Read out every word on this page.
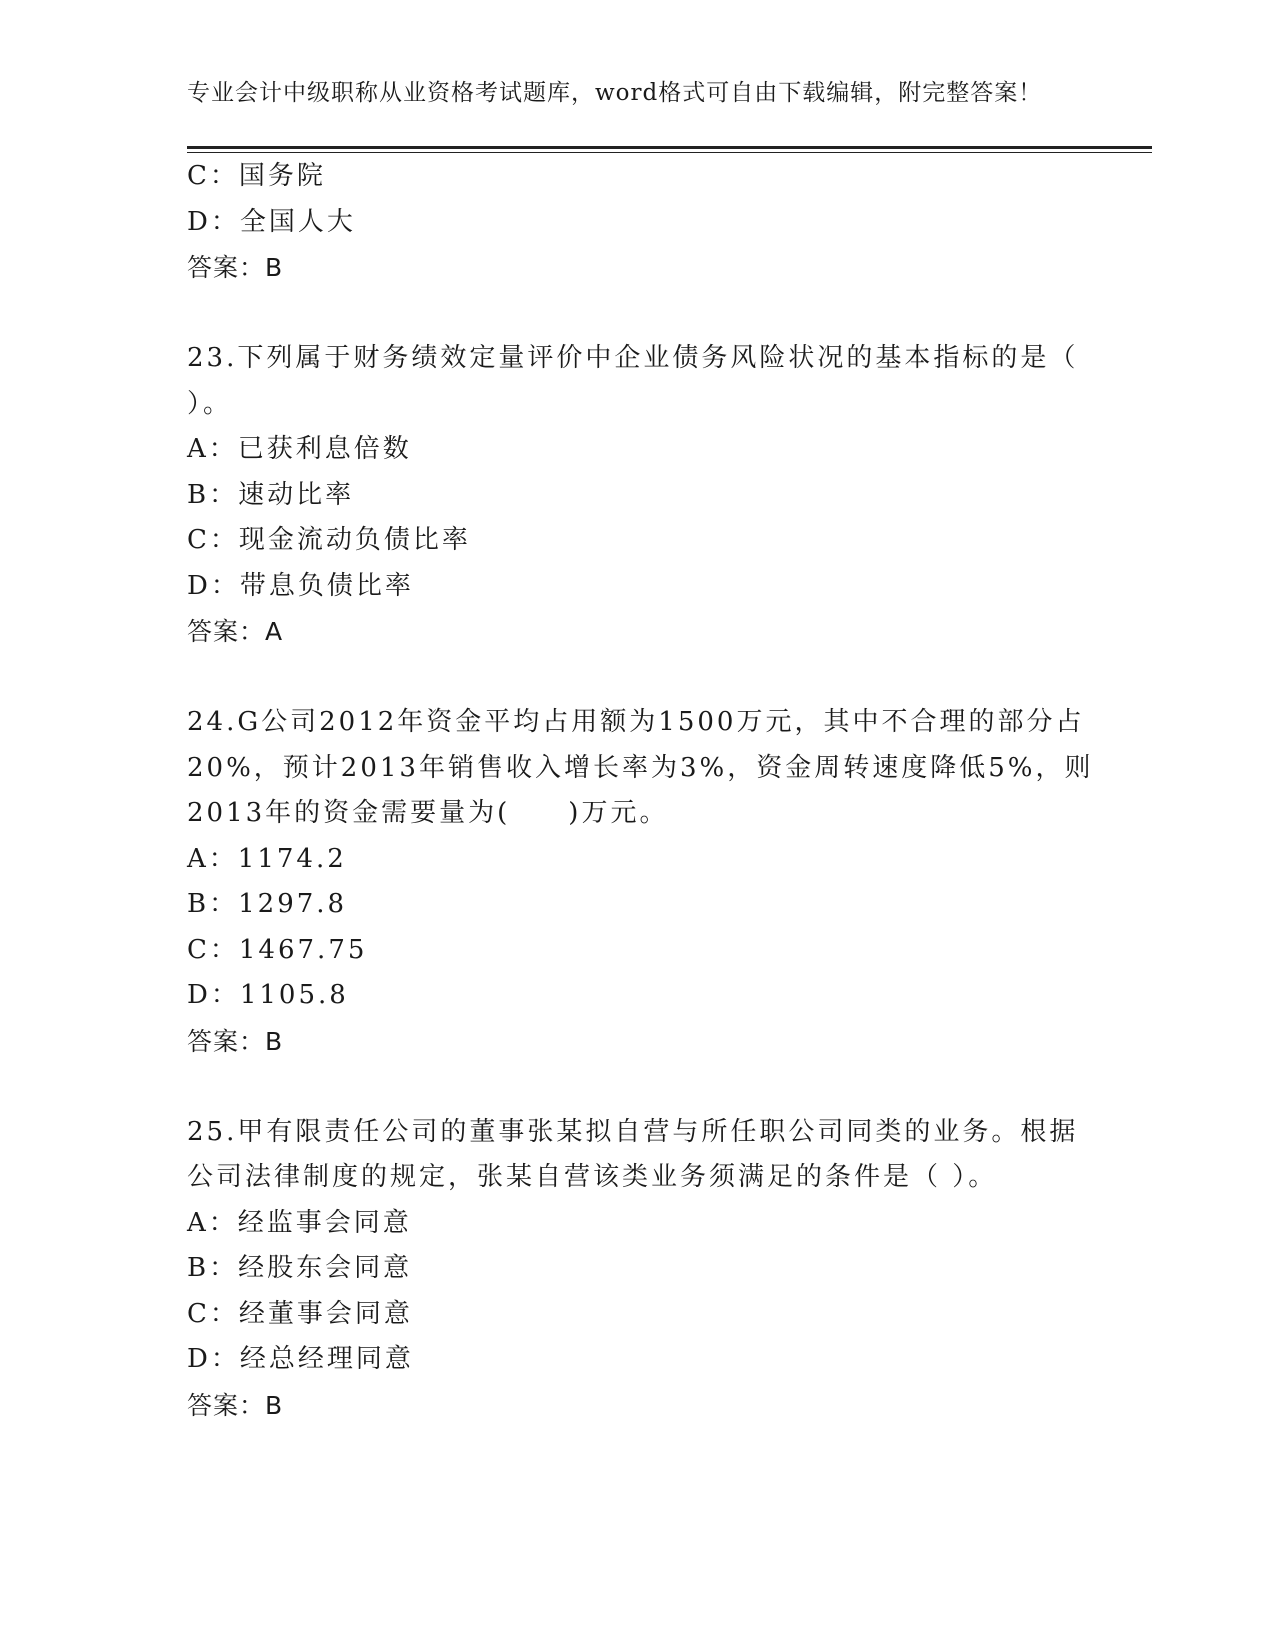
专业会计中级职称从业资格考试题库，word格式可自由下载编辑，附完整答案！
C：国务院
D：全国人大
答案：B
23.下列属于财务绩效定量评价中企业债务风险状况的基本指标的是（
）。
A：已获利息倍数
B：速动比率
C：现金流动负债比率
D：带息负债比率
答案：A
24.G公司2012年资金平均占用额为1500万元，其中不合理的部分占
20%，预计2013年销售收入增长率为3%，资金周转速度降低5%，则
2013年的资金需要量为(　　)万元。
A：1174.2
B：1297.8
C：1467.75
D：1105.8
答案：B
25.甲有限责任公司的董事张某拟自营与所任职公司同类的业务。根据
公司法律制度的规定，张某自营该类业务须满足的条件是（ ）。
A：经监事会同意
B：经股东会同意
C：经董事会同意
D：经总经理同意
答案：B
